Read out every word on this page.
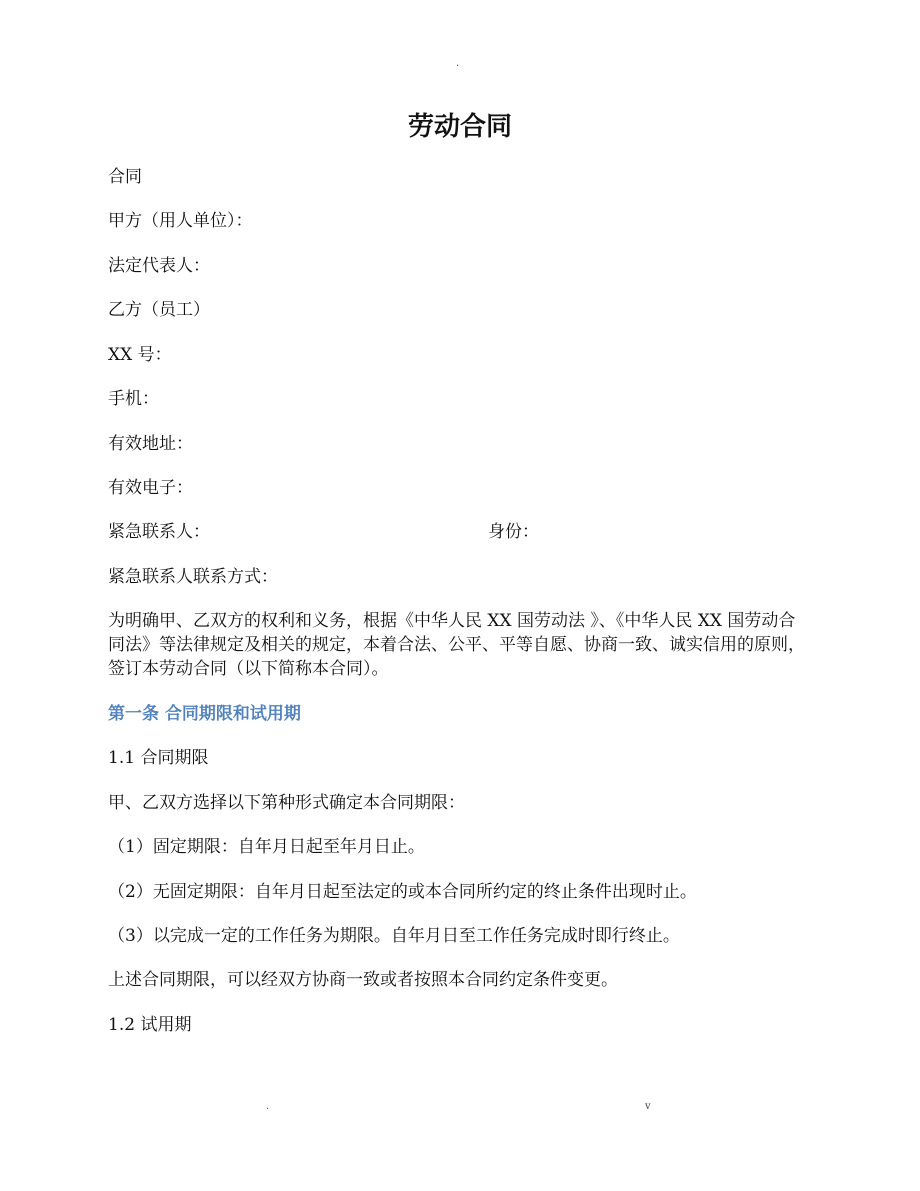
.
劳动合同
合同
甲方（用人单位）：
法定代表人：
乙方（员工）
XX 号：
手机：
有效地址：
有效电子：
紧急联系人：	身份：
紧急联系人联系方式：
为明确甲、乙双方的权利和义务，根据《中华人民 XX 国劳动法 》、《中华人民 XX 国劳动合同法》等法律规定及相关的规定，本着合法、公平、平等自愿、协商一致、诚实信用的原则，签订本劳动合同（以下简称本合同）。
第一条 合同期限和试用期
1.1 合同期限
甲、乙双方选择以下第种形式确定本合同期限：
（1）固定期限：自年月日起至年月日止。
（2）无固定期限：自年月日起至法定的或本合同所约定的终止条件出现时止。
（3）以完成一定的工作任务为期限。自年月日至工作任务完成时即行终止。
上述合同期限，可以经双方协商一致或者按照本合同约定条件变更。
1.2 试用期
.	v
